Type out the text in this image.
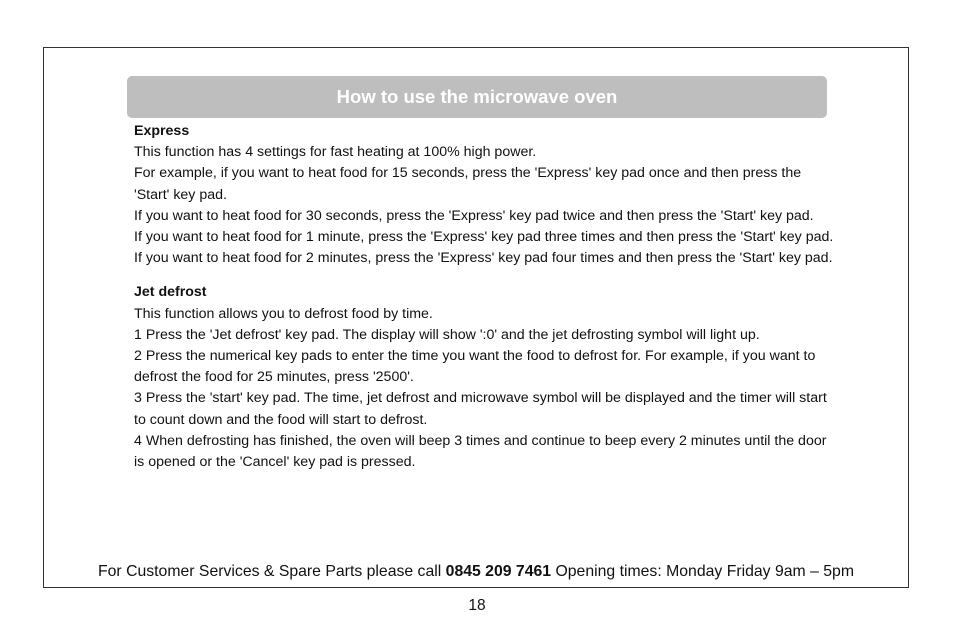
How to use the microwave oven
Express

This function has 4 settings for fast heating at 100% high power.

For example, if you want to heat food for 15 seconds, press the 'Express' key pad once and then press the 'Start' key pad.

If you want to heat food for 30 seconds, press the 'Express' key pad twice and then press the 'Start' key pad.

If you want to heat food for 1 minute, press the 'Express' key pad three times and then press the 'Start' key pad.

If you want to heat food for 2 minutes, press the 'Express' key pad four times and then press the 'Start' key pad.

Jet defrost

This function allows you to defrost food by time.

1 Press the 'Jet defrost' key pad. The display will show ':0' and the jet defrosting symbol will light up.

2 Press the numerical key pads to enter the time you want the food to defrost for. For example, if you want to defrost the food for 25 minutes, press '2500'.

3 Press the 'start' key pad. The time, jet defrost and microwave symbol will be displayed and the timer will start to count down and the food will start to defrost.

4 When defrosting has finished, the oven will beep 3 times and continue to beep every 2 minutes until the door is opened or the 'Cancel' key pad is pressed.

For Customer Services & Spare Parts please call 0845 209 7461 Opening times: Monday Friday 9am – 5pm
18
